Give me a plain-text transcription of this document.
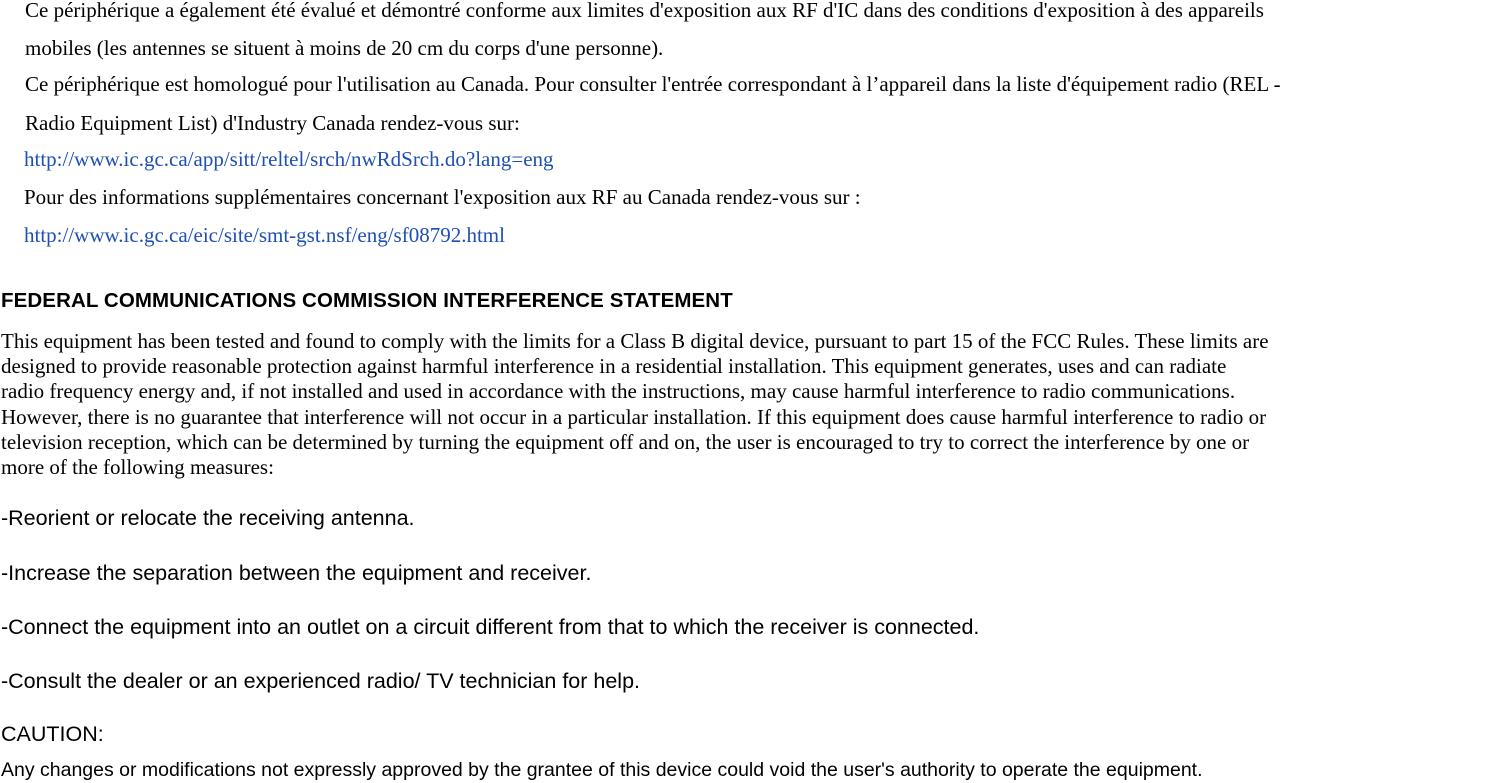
Ce périphérique a également été évalué et démontré conforme aux limites d'exposition aux RF d'IC dans des conditions d'exposition à des appareils
mobiles (les antennes se situent à moins de 20 cm du corps d'une personne).
Ce périphérique est homologué pour l'utilisation au Canada. Pour consulter l'entrée correspondant à l’appareil dans la liste d'équipement radio (REL -
Radio Equipment List) d'Industry Canada rendez-vous sur:
http://www.ic.gc.ca/app/sitt/reltel/srch/nwRdSrch.do?lang=eng
Pour des informations supplémentaires concernant l'exposition aux RF au Canada rendez-vous sur :
http://www.ic.gc.ca/eic/site/smt-gst.nsf/eng/sf08792.html
FEDERAL COMMUNICATIONS COMMISSION INTERFERENCE STATEMENT
This equipment has been tested and found to comply with the limits for a Class B digital device, pursuant to part 15 of the FCC Rules. These limits are
designed to provide reasonable protection against harmful interference in a residential installation. This equipment generates, uses and can radiate
radio frequency energy and, if not installed and used in accordance with the instructions, may cause harmful interference to radio communications.
However, there is no guarantee that interference will not occur in a particular installation. If this equipment does cause harmful interference to radio or
television reception, which can be determined by turning the equipment off and on, the user is encouraged to try to correct the interference by one or
more of the following measures:
-Reorient or relocate the receiving antenna.
-Increase the separation between the equipment and receiver.
-Connect the equipment into an outlet on a circuit different from that to which the receiver is connected.
-Consult the dealer or an experienced radio/ TV technician for help.
CAUTION:
Any changes or modifications not expressly approved by the grantee of this device could void the user's authority to operate the equipment.
